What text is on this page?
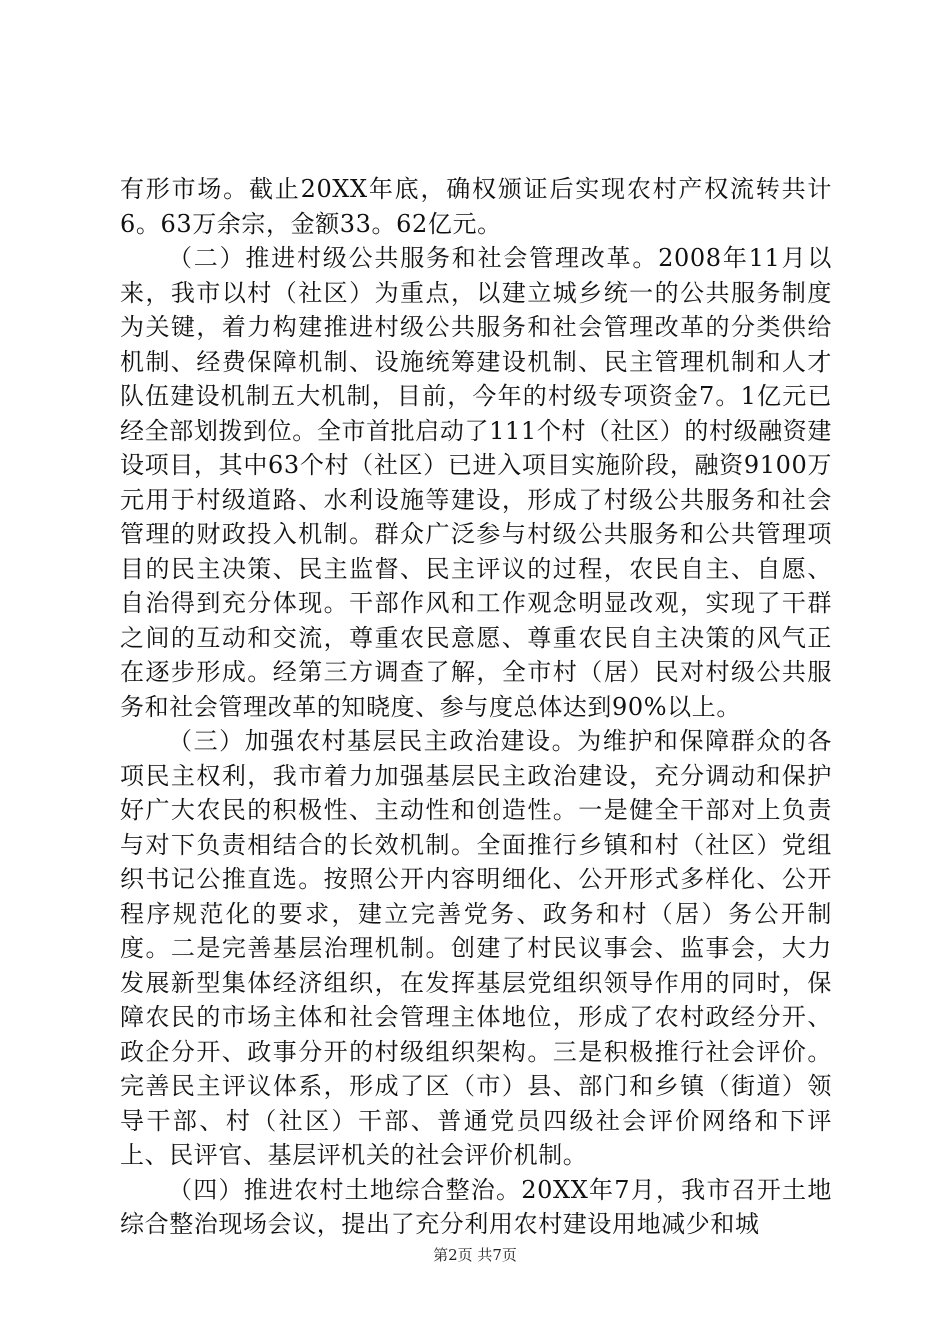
有形市场。截止20XX年底，确权颁证后实现农村产权流转共计6。63万余宗，金额33。62亿元。

（二）推进村级公共服务和社会管理改革。2008年11月以来，我市以村（社区）为重点，以建立城乡统一的公共服务制度为关键，着力构建推进村级公共服务和社会管理改革的分类供给机制、经费保障机制、设施统筹建设机制、民主管理机制和人才队伍建设机制五大机制，目前，今年的村级专项资金7。1亿元已经全部划拨到位。全市首批启动了111个村（社区）的村级融资建设项目，其中63个村（社区）已进入项目实施阶段，融资9100万元用于村级道路、水利设施等建设，形成了村级公共服务和社会管理的财政投入机制。群众广泛参与村级公共服务和公共管理项目的民主决策、民主监督、民主评议的过程，农民自主、自愿、自治得到充分体现。干部作风和工作观念明显改观，实现了干群之间的互动和交流，尊重农民意愿、尊重农民自主决策的风气正在逐步形成。经第三方调查了解，全市村（居）民对村级公共服务和社会管理改革的知晓度、参与度总体达到90%以上。

（三）加强农村基层民主政治建设。为维护和保障群众的各项民主权利，我市着力加强基层民主政治建设，充分调动和保护好广大农民的积极性、主动性和创造性。一是健全干部对上负责与对下负责相结合的长效机制。全面推行乡镇和村（社区）党组织书记公推直选。按照公开内容明细化、公开形式多样化、公开程序规范化的要求，建立完善党务、政务和村（居）务公开制度。二是完善基层治理机制。创建了村民议事会、监事会，大力发展新型集体经济组织，在发挥基层党组织领导作用的同时，保障农民的市场主体和社会管理主体地位，形成了农村政经分开、政企分开、政事分开的村级组织架构。三是积极推行社会评价。完善民主评议体系，形成了区（市）县、部门和乡镇（街道）领导干部、村（社区）干部、普通党员四级社会评价网络和下评上、民评官、基层评机关的社会评价机制。

（四）推进农村土地综合整治。20XX年7月，我市召开土地综合整治现场会议，提出了充分利用农村建设用地减少和城

第2页 共7页
